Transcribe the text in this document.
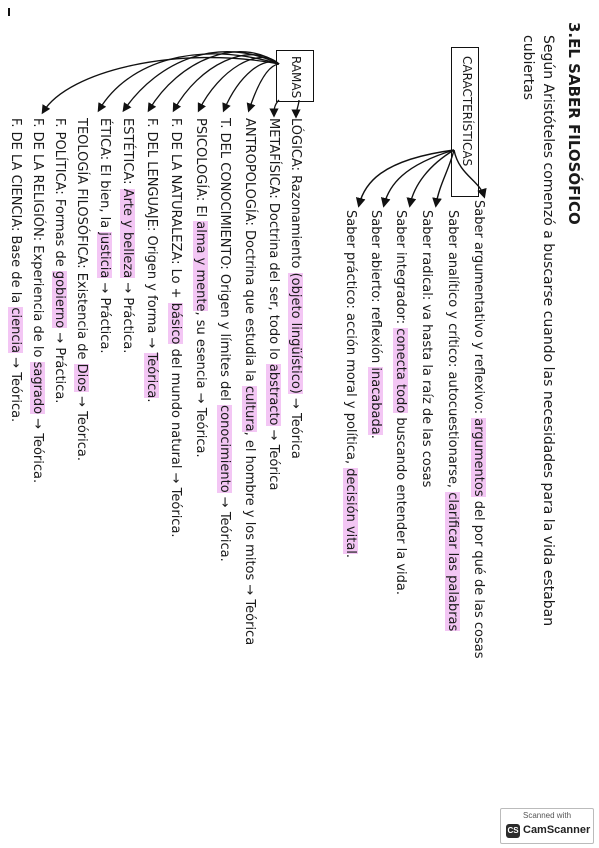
3.EL SABER FILOSÓFICO
Según Aristóteles comenzó a buscarse cuando las necesidades para la vida estaban
cubiertas
CARACTERÍSTICAS
Saber argumentativo y reflexivo: argumentos del por qué de las cosas
Saber analítico y crítico: autocuestionarse, clarificar las palabras
Saber radical: va hasta la raíz de las cosas
Saber integrador: conecta todo buscando entender la vida.
Saber abierto: reflexión inacabada.
Saber práctico: acción moral y política, decisión vital.
RAMAS
LÓGICA: Razonamiento (objeto lingüístico) → Teórica
METAFÍSICA: Doctrina del ser, todo lo abstracto → Teórica
ANTROPOLOGÍA: Doctrina que estudia la cultura, el hombre y los mitos → Teórica
T. DEL CONOCIMIENTO: Origen y límites del conocimiento → Teórica.
PSICOLOGÍA: El alma y mente, su esencia → Teórica.
F. DE LA NATURALEZA: Lo + básico del mundo natural → Teórica.
F. DEL LENGUAJE: Origen y forma → Teórica.
ESTÉTICA: Arte y belleza → Práctica.
ÉTICA: El bien, la justicia → Práctica.
TEOLOGÍA FILOSÓFICA: Existencia de Dios → Teórica.
F. POLÍTICA: Formas de gobierno → Práctica.
F. DE LA RELIGIÓN: Experiencia de lo sagrado → Teórica.
F. DE LA CIENCIA: Base de la ciencia → Teórica.
Scanned with
CS CamScanner
